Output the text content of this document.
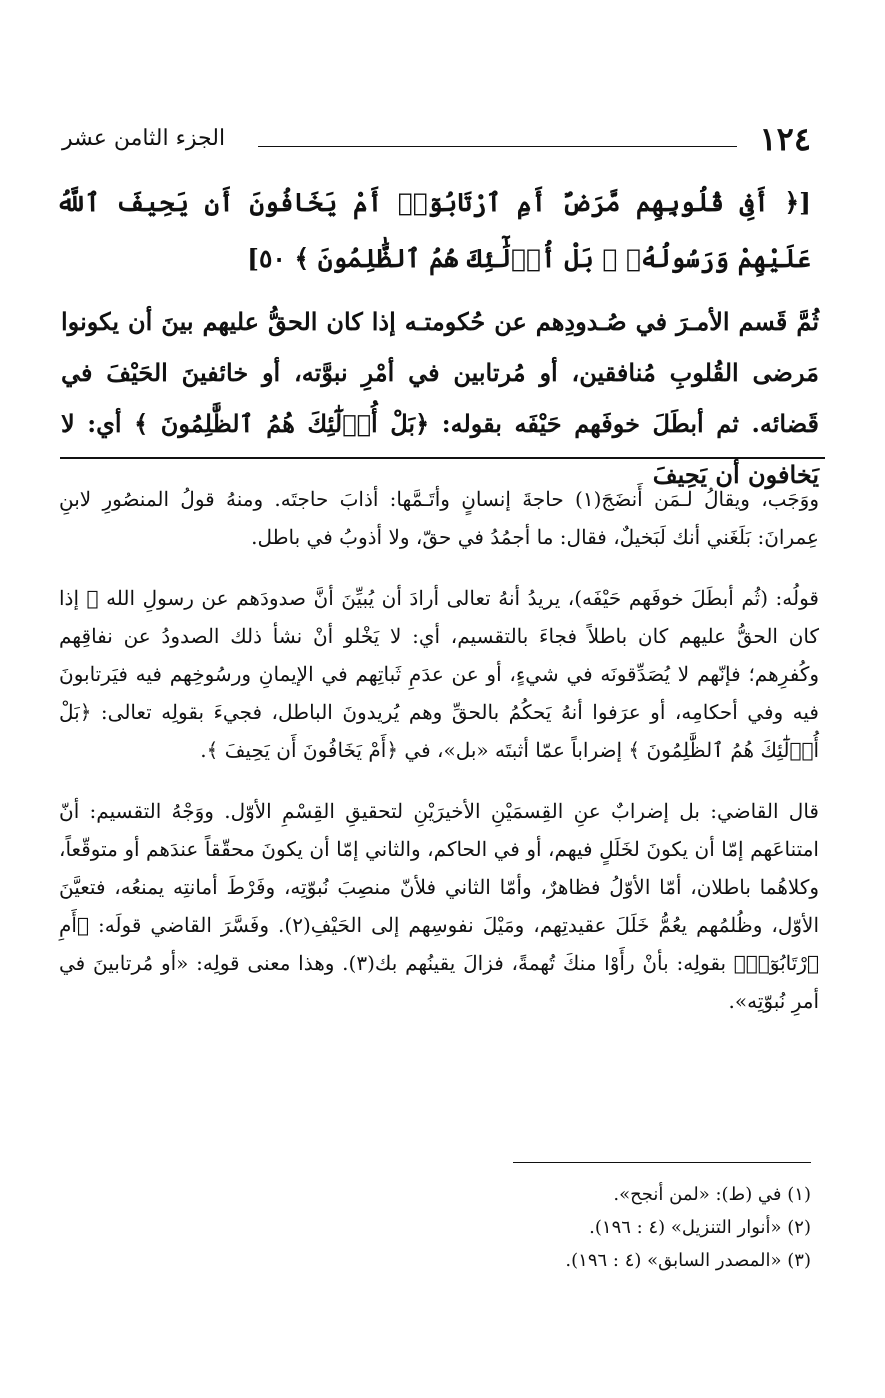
١٢٤
الجزء الثامن عشر
[﴿ أَفِى قُلُوبِهِم مَّرَضٌ أَمِ ٱرْتَابُوٓا۟ أَمْ يَخَافُونَ أَن يَحِيفَ ٱللَّهُ عَلَيْهِمْ وَرَسُولُهُۥ ۚ بَلْ أُو۟لَٰٓئِكَ هُمُ ٱلظَّٰلِمُونَ ﴾ ٥٠]
ثُمَّ قَسم الأمـرَ في صُـدودِهم عن حُكومتـه إذا كان الحقُّ عليهم بينَ أن يكونوا مَرضى القُلوبِ مُنافقين، أو مُرتابين في أمْرِ نبوَّته، أو خائفينَ الحَيْفَ في قَضائه. ثم أبطَلَ خوفَهم حَيْفَه بقوله: ﴿بَلْ أُو۟لَٰٓئِكَ هُمُ ٱلظَّٰلِمُونَ ﴾ أي: لا يَخافون أن يَحِيفَ

ووَجَب، ويقالُ لـمَن أَنضَجَ(١) حاجةَ إنسانٍ وأتَـمَّها: أذابَ حاجتَه. ومنهُ قولُ المنصُورِ لابنِ عِمرانَ: بَلَغَني أنك لَبَخيلٌ، فقال: ما أجمُدُ في حقّ، ولا أذوبُ في باطل.

قولُه: (ثُم أبطَلَ خوفَهم حَيْفَه)، يريدُ أنهُ تعالى أرادَ أن يُبيِّنَ أنَّ صدودَهم عن رسولِ الله ﷺ إذا كان الحقُّ عليهم كان باطلاً فجاءَ بالتقسيم، أي: لا يَخْلو أنْ نشأ ذلك الصدودُ عن نفاقِهم وكُفرِهم؛ فإنّهم لا يُصَدِّقونَه في شيءٍ، أو عن عدَمِ ثَباتِهم في الإيمانِ ورسُوخِهم فيه فيَرتابونَ فيه وفي أحكامِه، أو عرَفوا أنهُ يَحكُمُ بالحقِّ وهم يُريدونَ الباطل، فجيءَ بقولِه تعالى: ﴿بَلْ أُو۟لَٰٓئِكَ هُمُ ٱلظَّٰلِمُونَ ﴾ إضراباً عمّا أثبتَه «بل»، في ﴿أَمْ يَخَافُونَ أَن يَحِيفَ ﴾.

قال القاضي: بل إضرابٌ عنِ القِسمَيْنِ الأخيرَيْنِ لتحقيقِ القِسْمِ الأوّل. ووَجْهُ التقسيم: أنّ امتناعَهم إمّا أن يكونَ لخَلَلٍ فيهم، أو في الحاكم، والثاني إمّا أن يكونَ محقّقاً عندَهم أو متوقّعاً، وكلاهُما باطلان، أمّا الأوّلُ فظاهرٌ، وأمّا الثاني فلأنّ منصِبَ نُبوّتِه، وفَرْطَ أمانتِه يمنعُه، فتعيَّنَ الأوّل، وظُلمُهم يعُمُّ خَلَلَ عقيدتِهم، ومَيْلَ نفوسِهم إلى الحَيْفِ(٢). وفَسَّرَ القاضي قولَه: ﴿أَمِ ٱرْتَابُوٓا۟﴾ بقولِه: بأنْ رأَوْا منكَ تُهمةً، فزالَ يقينُهم بك(٣). وهذا معنى قولِه: «أو مُرتابينَ في أمرِ نُبوّتِه».

(١) في (ط): «لمن أنجح».
(٢) «أنوار التنزيل» (٤ : ١٩٦).
(٣) «المصدر السابق» (٤ : ١٩٦).
